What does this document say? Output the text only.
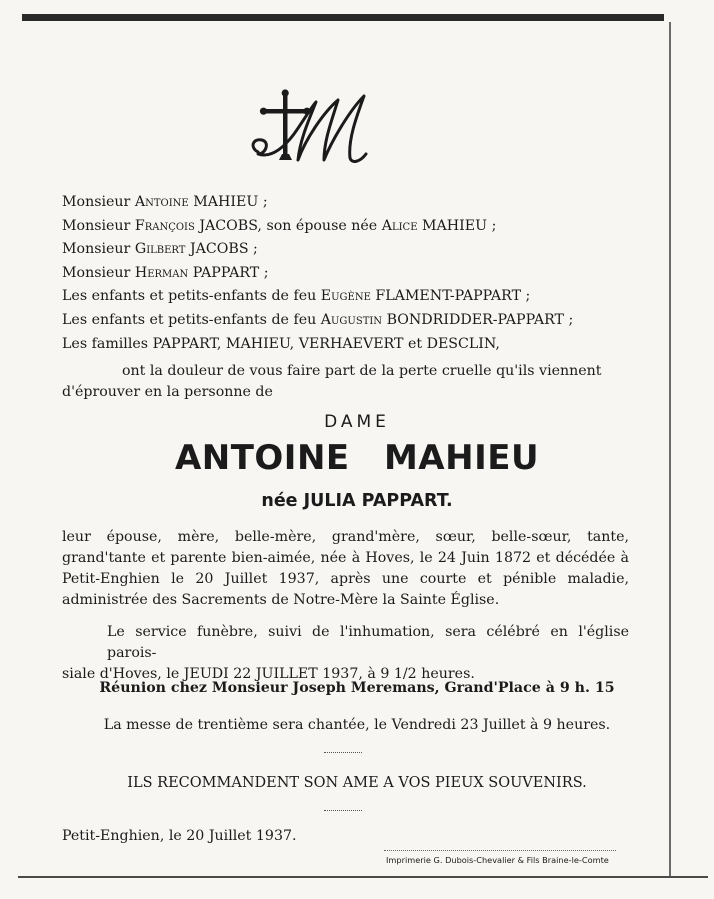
Monsieur Antoine MAHIEU ;
Monsieur François JACOBS, son épouse née Alice MAHIEU ;
Monsieur Gilbert JACOBS ;
Monsieur Herman PAPPART ;
Les enfants et petits-enfants de feu Eugène FLAMENT-PAPPART ;
Les enfants et petits-enfants de feu Augustin BONDRIDDER-PAPPART ;
Les familles PAPPART, MAHIEU, VERHAEVERT et DESCLIN,
ont la douleur de vous faire part de la perte cruelle qu'ils viennent
d'éprouver en la personne de
DAME
ANTOINE MAHIEU
née JULIA PAPPART.
leur épouse, mère, belle-mère, grand'mère, sœur, belle-sœur, tante, grand'tante et parente bien-aimée, née à Hoves, le 24 Juin 1872 et décédée à Petit-Enghien le 20 Juillet 1937, après une courte et pénible maladie, administrée des Sacrements de Notre-Mère la Sainte Église.
Le service funèbre, suivi de l'inhumation, sera célébré en l'église parois-
siale d'Hoves, le JEUDI 22 JUILLET 1937, à 9 1/2 heures.
Réunion chez Monsieur Joseph Meremans, Grand'Place à 9 h. 15
La messe de trentième sera chantée, le Vendredi 23 Juillet à 9 heures.
ILS RECOMMANDENT SON AME A VOS PIEUX SOUVENIRS.
Petit-Enghien, le 20 Juillet 1937.
Imprimerie G. Dubois-Chevalier & Fils Braine-le-Comte
